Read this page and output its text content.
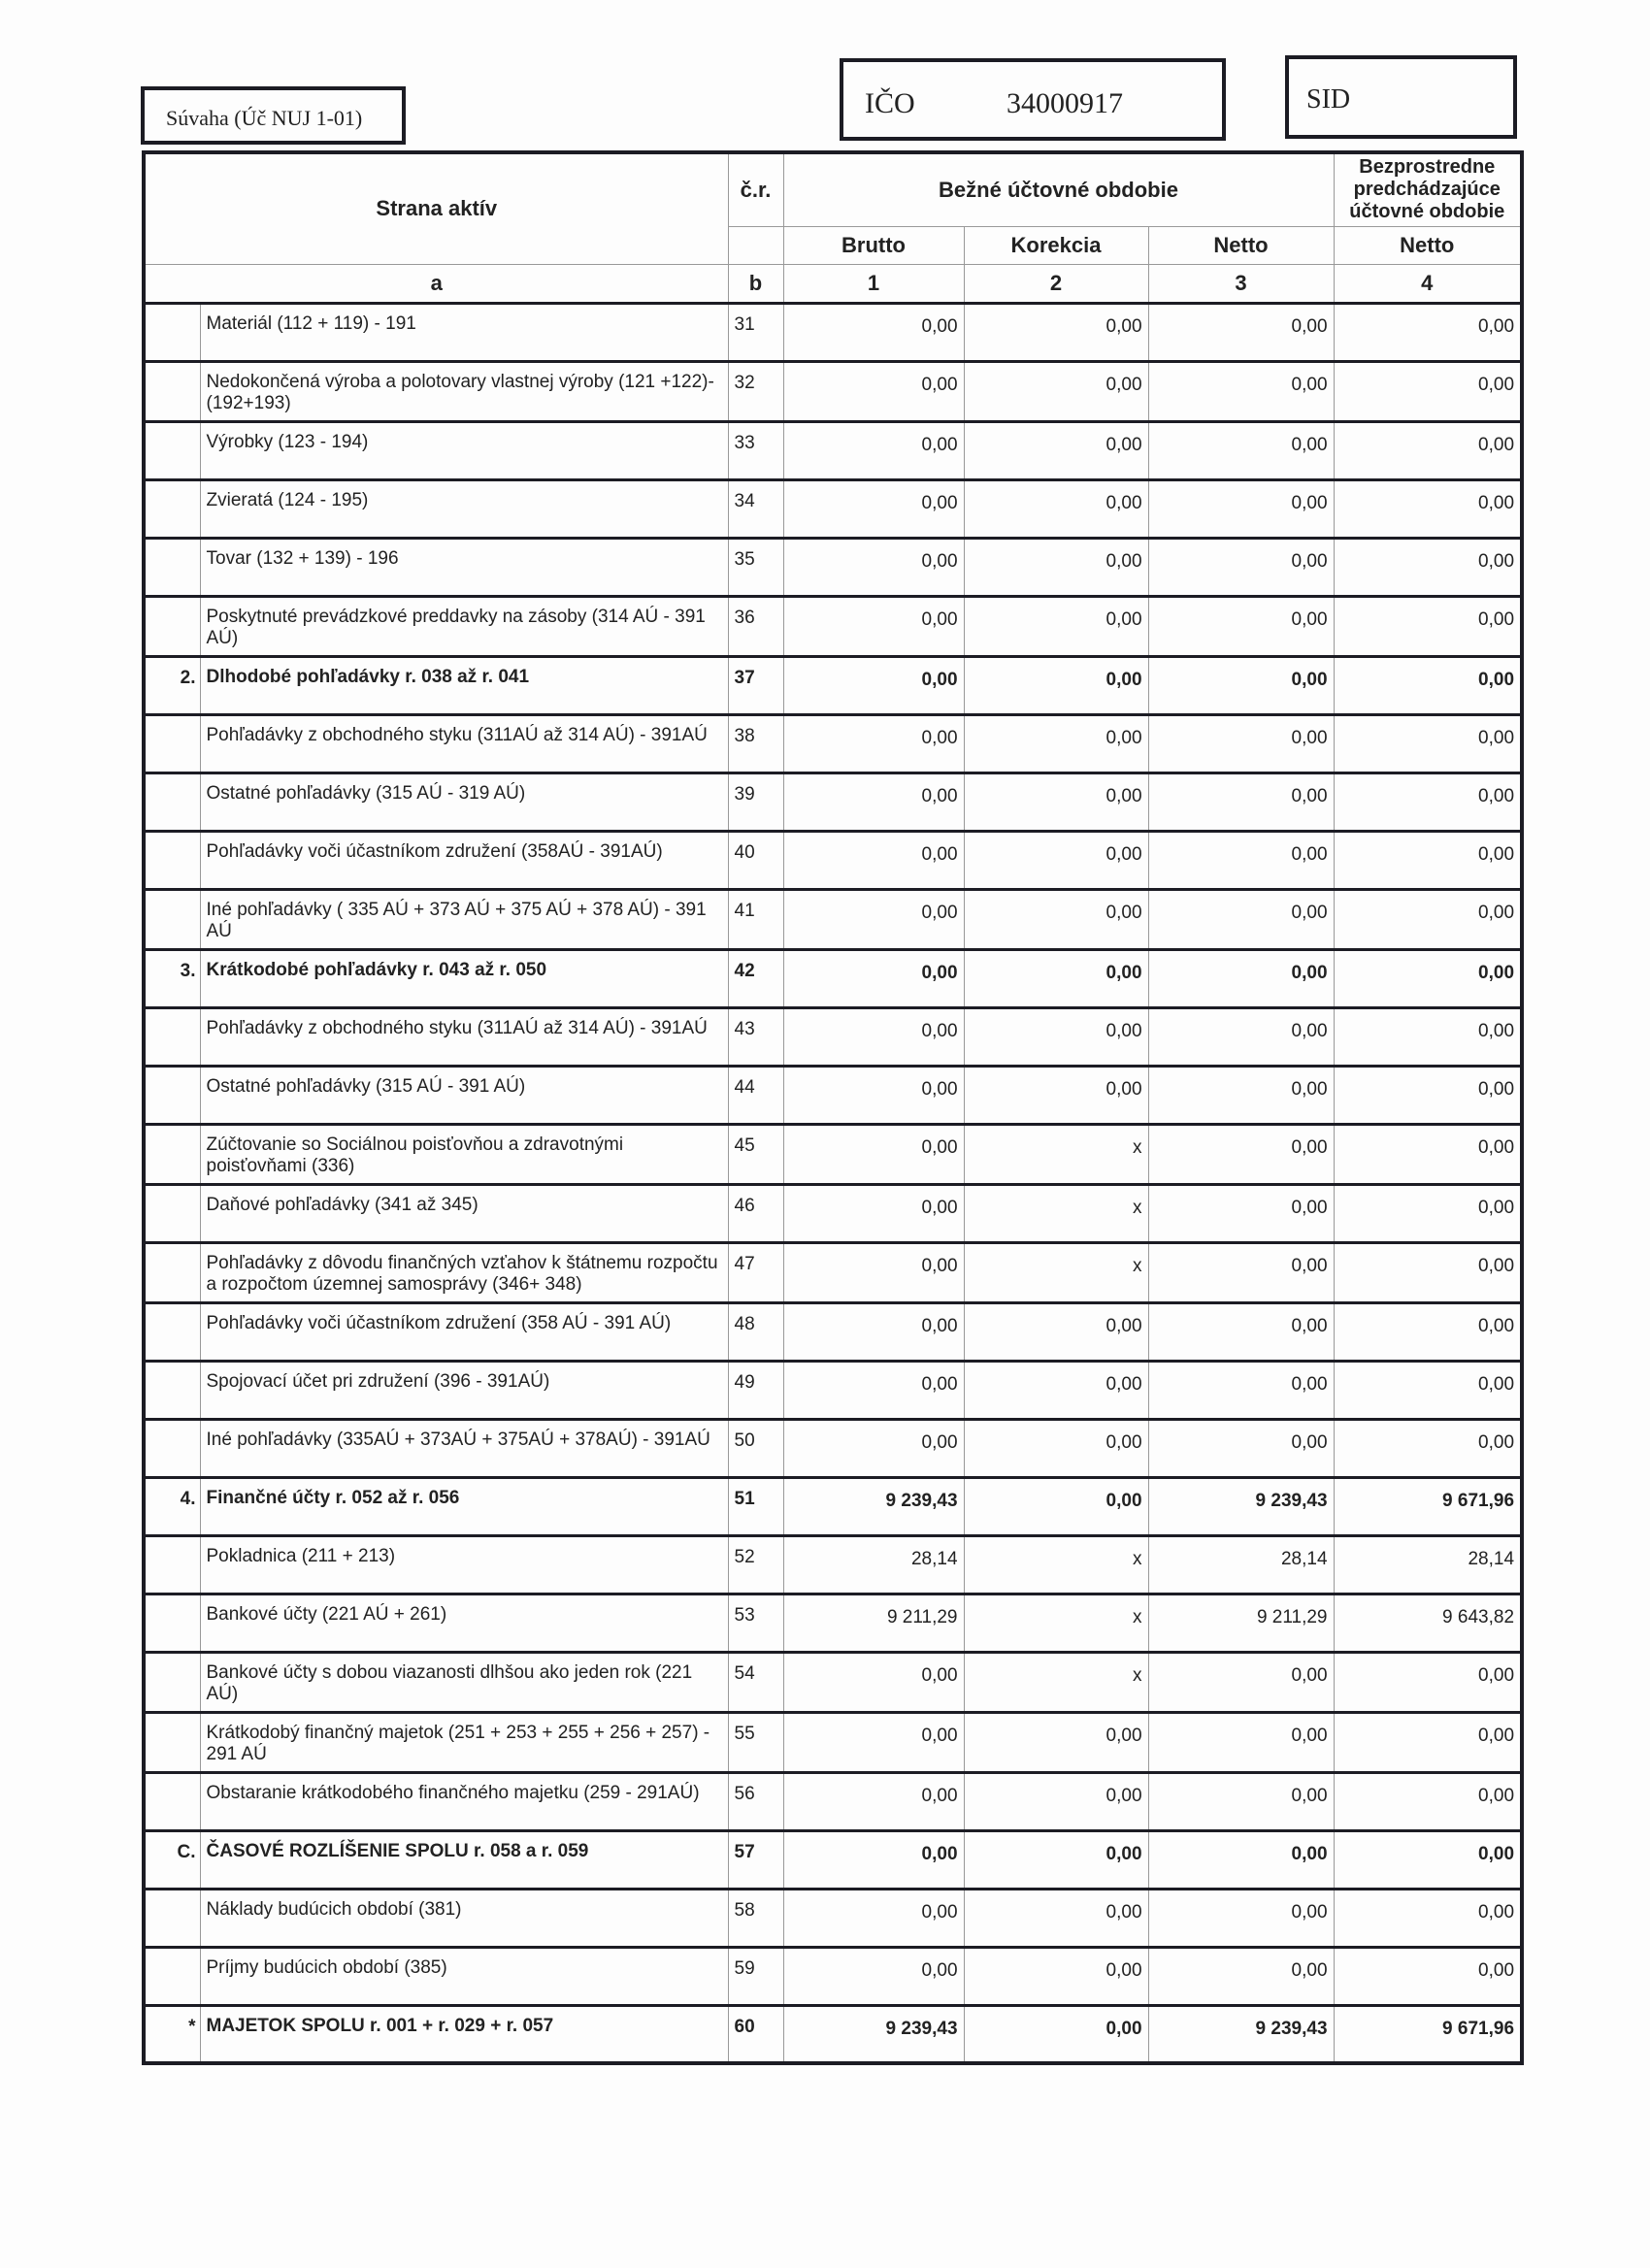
Súvaha (Úč NUJ 1-01)	IČO	34000917	SID
Strana aktív		č.r.	Bežné účtovné obdobie			Bezprostredne predchádzajúce účtovné obdobie
			Brutto	Korekcia	Netto	Netto
a		b	1	2	3	4
	Materiál (112 + 119) - 191	31	0,00	0,00	0,00	0,00
	Nedokončená výroba a polotovary vlastnej výroby (121 +122)-(192+193)	32	0,00	0,00	0,00	0,00
	Výrobky (123 - 194)	33	0,00	0,00	0,00	0,00
	Zvieratá (124 - 195)	34	0,00	0,00	0,00	0,00
	Tovar (132 + 139) - 196	35	0,00	0,00	0,00	0,00
	Poskytnuté prevádzkové preddavky na zásoby (314 AÚ - 391 AÚ)	36	0,00	0,00	0,00	0,00
2.	Dlhodobé pohľadávky r. 038 až r. 041	37	0,00	0,00	0,00	0,00
	Pohľadávky z obchodného styku (311AÚ až 314 AÚ) - 391AÚ	38	0,00	0,00	0,00	0,00
	Ostatné pohľadávky (315 AÚ - 319 AÚ)	39	0,00	0,00	0,00	0,00
	Pohľadávky voči účastníkom združení (358AÚ - 391AÚ)	40	0,00	0,00	0,00	0,00
	Iné pohľadávky ( 335 AÚ + 373 AÚ + 375 AÚ + 378 AÚ) - 391 AÚ	41	0,00	0,00	0,00	0,00
3.	Krátkodobé pohľadávky r. 043 až r. 050	42	0,00	0,00	0,00	0,00
	Pohľadávky z obchodného styku (311AÚ až 314 AÚ) - 391AÚ	43	0,00	0,00	0,00	0,00
	Ostatné pohľadávky (315 AÚ - 391 AÚ)	44	0,00	0,00	0,00	0,00
	Zúčtovanie so Sociálnou poisťovňou a zdravotnými poisťovňami (336)	45	0,00	x	0,00	0,00
	Daňové pohľadávky (341 až 345)	46	0,00	x	0,00	0,00
	Pohľadávky z dôvodu finančných vzťahov k štátnemu rozpočtu a rozpočtom územnej samosprávy (346+ 348)	47	0,00	x	0,00	0,00
	Pohľadávky voči účastníkom združení (358 AÚ - 391 AÚ)	48	0,00	0,00	0,00	0,00
	Spojovací účet pri združení (396 - 391AÚ)	49	0,00	0,00	0,00	0,00
	Iné pohľadávky (335AÚ + 373AÚ + 375AÚ + 378AÚ) - 391AÚ	50	0,00	0,00	0,00	0,00
4.	Finančné účty r. 052 až r. 056	51	9 239,43	0,00	9 239,43	9 671,96
	Pokladnica (211 + 213)	52	28,14	x	28,14	28,14
	Bankové účty (221 AÚ + 261)	53	9 211,29	x	9 211,29	9 643,82
	Bankové účty s dobou viazanosti dlhšou ako jeden rok (221 AÚ)	54	0,00	x	0,00	0,00
	Krátkodobý finančný majetok (251 + 253 + 255 + 256 + 257) - 291 AÚ	55	0,00	0,00	0,00	0,00
	Obstaranie krátkodobého finančného majetku (259 - 291AÚ)	56	0,00	0,00	0,00	0,00
C.	ČASOVÉ ROZLÍŠENIE SPOLU r. 058 a r. 059	57	0,00	0,00	0,00	0,00
	Náklady budúcich období (381)	58	0,00	0,00	0,00	0,00
	Príjmy budúcich období (385)	59	0,00	0,00	0,00	0,00
*	MAJETOK SPOLU r. 001 + r. 029 + r. 057	60	9 239,43	0,00	9 239,43	9 671,96
